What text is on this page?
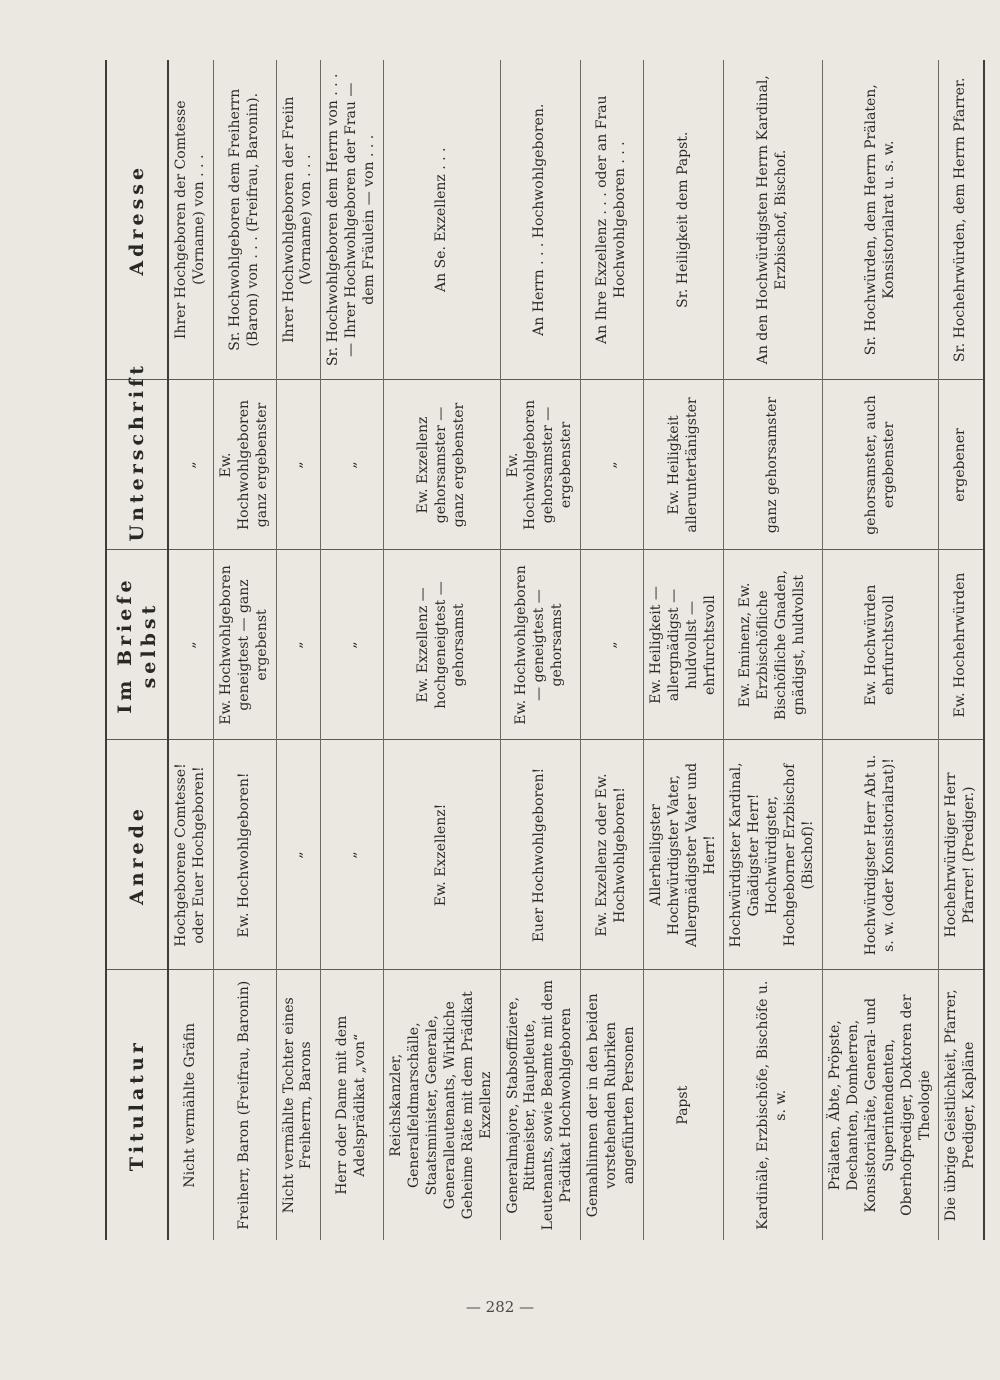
Titulatur	Anrede	Im Briefe selbst	Unterschrift	Adresse
Nicht vermählte Gräfin	Hochgeborene Comtesse! oder Euer Hochgeboren!	„	„	Ihrer Hochgeboren der Comtesse (Vorname) von . . .
Freiherr, Baron (Freifrau, Baronin)	Ew. Hochwohlgeboren!	Ew. Hochwohlgeboren geneigtest — ganz ergebenst	Ew. Hochwohlgeboren ganz ergebenster	Sr. Hochwohlgeboren dem Freiherrn (Baron) von . . . (Freifrau, Baronin).
Nicht vermählte Tochter eines Freiherrn, Barons	„	„	„	Ihrer Hochwohlgeboren der Freiin (Vorname) von . . .
Herr oder Dame mit dem Adelsprädikat „von“	„	„	„	Sr. Hochwohlgeboren dem Herrn von . . . — Ihrer Hochwohlgeboren der Frau — dem Fräulein — von . . .
Reichskanzler, Generalfeldmarschälle, Staatsminister, Generale, Generalleutenants, Wirkliche Geheime Räte mit dem Prädikat Exzellenz	Ew. Exzellenz!	Ew. Exzellenz — hochgeneigtest — gehorsamst	Ew. Exzellenz gehorsamster — ganz ergebenster	An Se. Exzellenz . . .
Generalmajore, Stabsoffiziere, Rittmeister, Hauptleute, Leutenants, sowie Beamte mit dem Prädikat Hochwohlgeboren	Euer Hochwohlgeboren!	Ew. Hochwohlgeboren — geneigtest — gehorsamst	Ew. Hochwohlgeboren gehorsamster — ergebenster	An Herrn . . . Hochwohlgeboren.
Gemahlinnen der in den beiden vorstehenden Rubriken angeführten Personen	Ew. Exzellenz oder Ew. Hochwohlgeboren!	„	„	An Ihre Exzellenz . . . oder an Frau Hochwohlgeboren . . .
Papst	Allerheiligster Hochwürdigster Vater, Allergnädigster Vater und Herr!	Ew. Heiligkeit — allergnädigst — huldvollst — ehrfurchtsvoll	Ew. Heiligkeit alleruntertänigster	Sr. Heiligkeit dem Papst.
Kardinäle, Erzbischöfe, Bischöfe u. s. w.	Hochwürdigster Kardinal, Gnädigster Herr! Hochwürdigster, Hochgeborner Erzbischof (Bischof)!	Ew. Eminenz, Ew. Erzbischöfliche Bischöfliche Gnaden, gnädigst, huldvollst	ganz gehorsamster	An den Hochwürdigsten Herrn Kardinal, Erzbischof, Bischof.
Prälaten, Äbte, Pröpste, Dechanten, Domherren, Konsistorialräte, General- und Superintendenten, Oberhofprediger, Doktoren der Theologie	Hochwürdigster Herr Abt u. s. w. (oder Konsistorialrat)!	Ew. Hochwürden ehrfurchtsvoll	gehorsamster, auch ergebenster	Sr. Hochwürden, dem Herrn Prälaten, Konsistorialrat u. s. w.
Die übrige Geistlichkeit, Pfarrer, Prediger, Kapläne	Hochehrwürdiger Herr Pfarrer! (Prediger.)	Ew. Hochehrwürden	ergebener	Sr. Hochehrwürden, dem Herrn Pfarrer.
— 282 —
